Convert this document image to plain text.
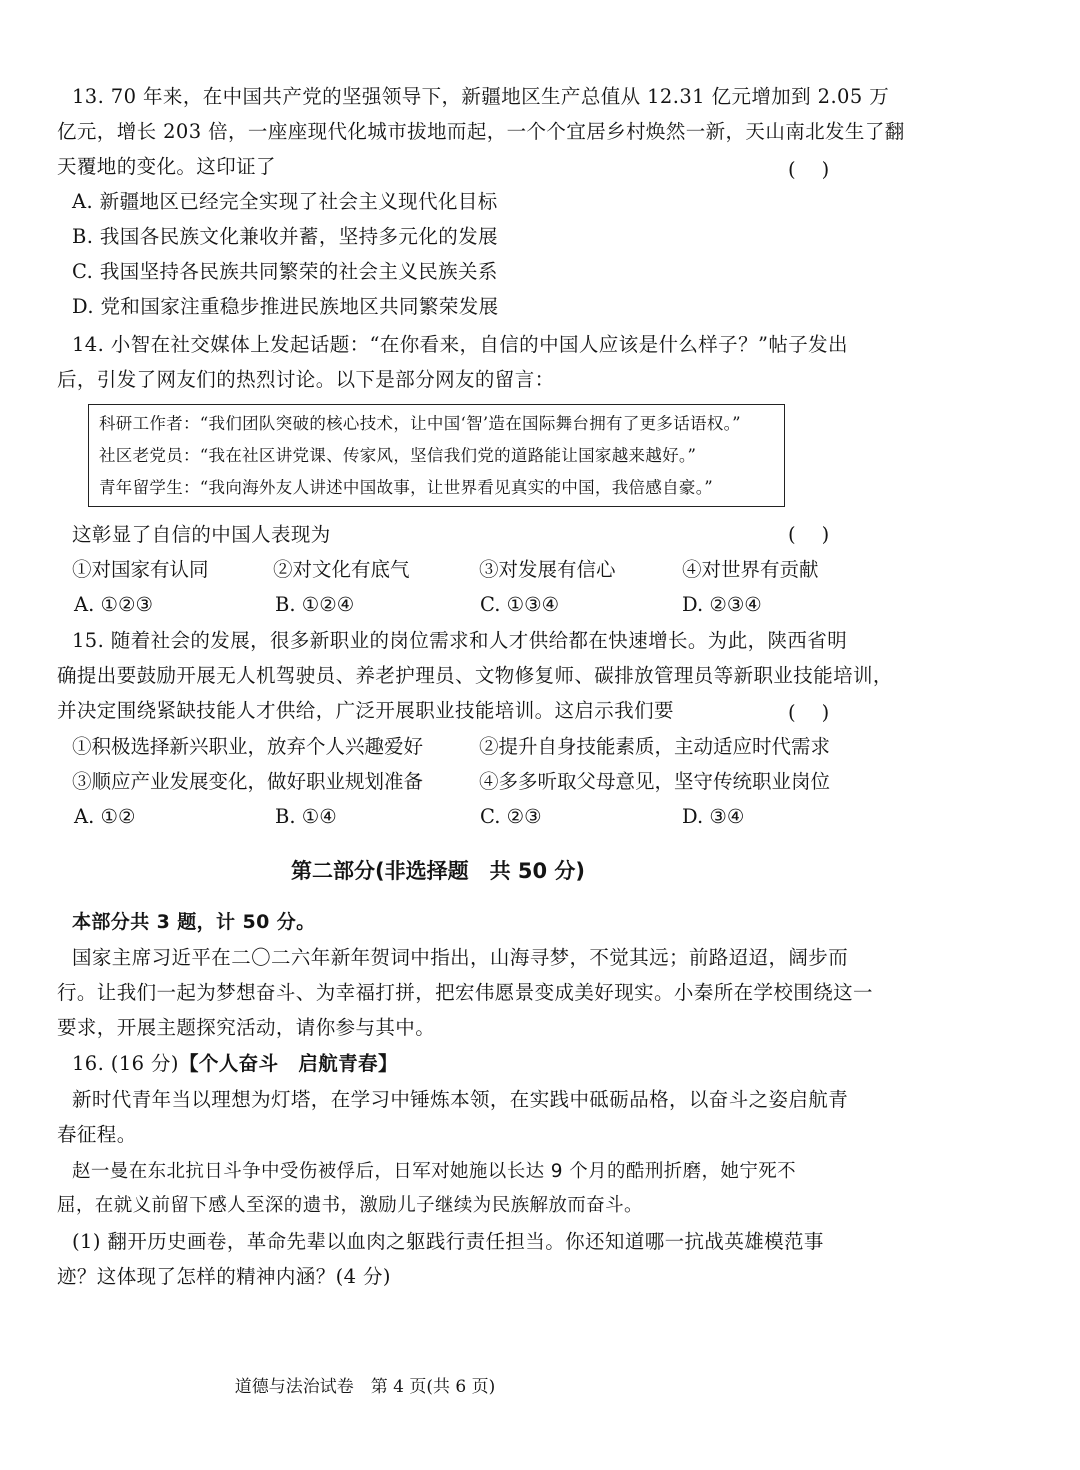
13. 70 年来，在中国共产党的坚强领导下，新疆地区生产总值从 12.31 亿元增加到 2.05 万
亿元，增长 203 倍，一座座现代化城市拔地而起，一个个宜居乡村焕然一新，天山南北发生了翻
天覆地的变化。这印证了	()
A. 新疆地区已经完全实现了社会主义现代化目标
B. 我国各民族文化兼收并蓄，坚持多元化的发展
C. 我国坚持各民族共同繁荣的社会主义民族关系
D. 党和国家注重稳步推进民族地区共同繁荣发展
14. 小智在社交媒体上发起话题：“在你看来，自信的中国人应该是什么样子？”帖子发出
后，引发了网友们的热烈讨论。以下是部分网友的留言：
科研工作者：“我们团队突破的核心技术，让中国‘智’造在国际舞台拥有了更多话语权。”
社区老党员：“我在社区讲党课、传家风，坚信我们党的道路能让国家越来越好。”
青年留学生：“我向海外友人讲述中国故事，让世界看见真实的中国，我倍感自豪。”
这彰显了自信的中国人表现为	()
①对国家有认同	②对文化有底气	③对发展有信心	④对世界有贡献
A. ①②③	B. ①②④	C. ①③④	D. ②③④
15. 随着社会的发展，很多新职业的岗位需求和人才供给都在快速增长。为此，陕西省明
确提出要鼓励开展无人机驾驶员、养老护理员、文物修复师、碳排放管理员等新职业技能培训，
并决定围绕紧缺技能人才供给，广泛开展职业技能培训。这启示我们要	()
①积极选择新兴职业，放弃个人兴趣爱好	②提升自身技能素质，主动适应时代需求
③顺应产业发展变化，做好职业规划准备	④多多听取父母意见，坚守传统职业岗位
A. ①②	B. ①④	C. ②③	D. ③④
第二部分(非选择题　共 50 分)
本部分共 3 题，计 50 分。
国家主席习近平在二〇二六年新年贺词中指出，山海寻梦，不觉其远；前路迢迢，阔步而
行。让我们一起为梦想奋斗、为幸福打拼，把宏伟愿景变成美好现实。小秦所在学校围绕这一
要求，开展主题探究活动，请你参与其中。
16. (16 分)【个人奋斗　启航青春】
新时代青年当以理想为灯塔，在学习中锤炼本领，在实践中砥砺品格，以奋斗之姿启航青
春征程。
赵一曼在东北抗日斗争中受伤被俘后，日军对她施以长达 9 个月的酷刑折磨，她宁死不
屈，在就义前留下感人至深的遗书，激励儿子继续为民族解放而奋斗。
(1) 翻开历史画卷，革命先辈以血肉之躯践行责任担当。你还知道哪一抗战英雄模范事
迹？这体现了怎样的精神内涵？(4 分)
道德与法治试卷　第 4 页(共 6 页)
